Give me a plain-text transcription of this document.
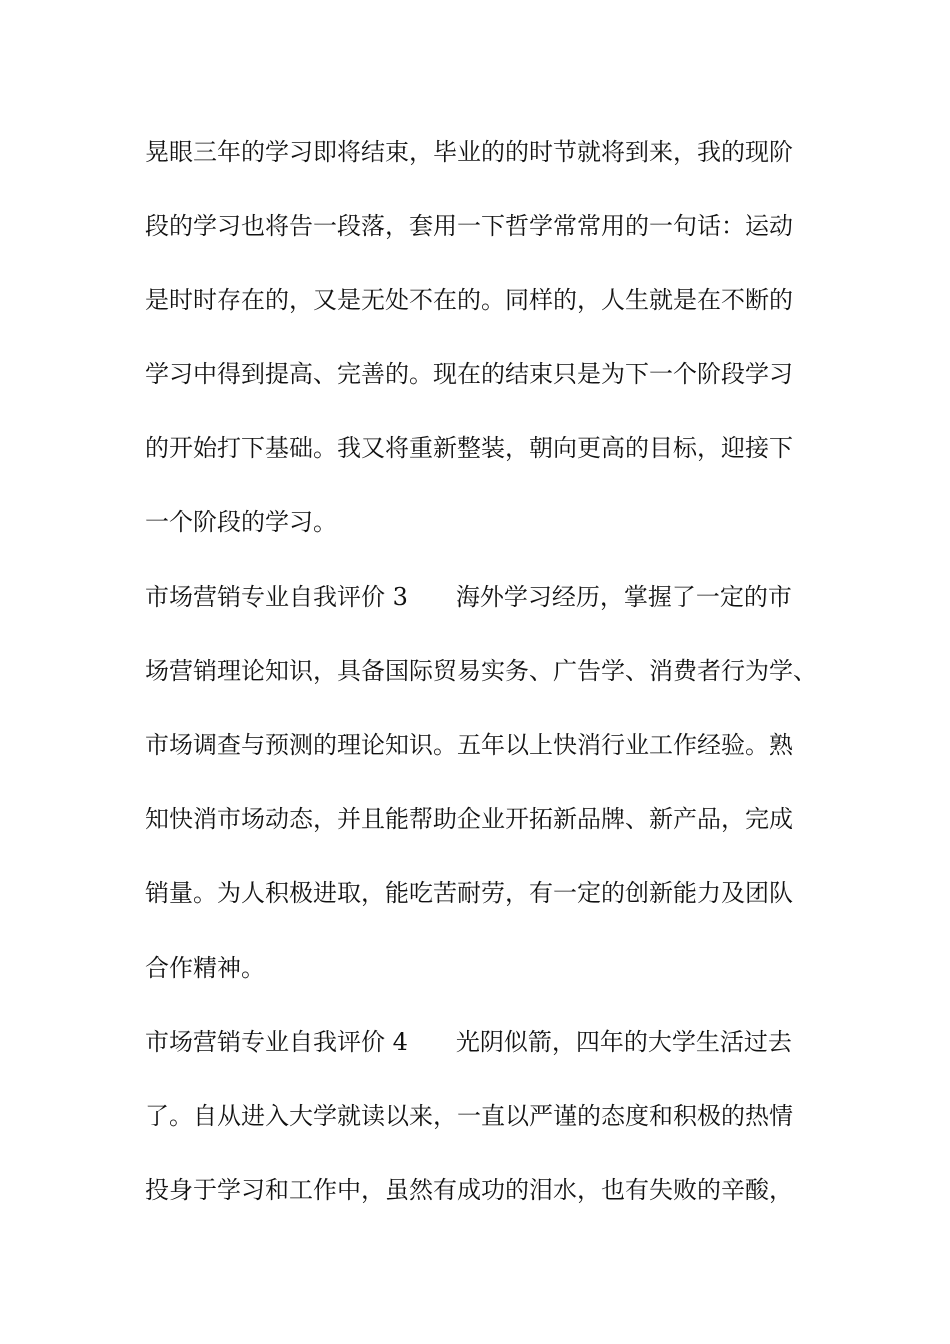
晃眼三年的学习即将结束，毕业的的时节就将到来，我的现阶
段的学习也将告一段落，套用一下哲学常常用的一句话：运动
是时时存在的，又是无处不在的。同样的，人生就是在不断的
学习中得到提高、完善的。现在的结束只是为下一个阶段学习
的开始打下基础。我又将重新整装，朝向更高的目标，迎接下
一个阶段的学习。
市场营销专业自我评价 3　　海外学习经历，掌握了一定的市
场营销理论知识，具备国际贸易实务、广告学、消费者行为学、
市场调查与预测的理论知识。五年以上快消行业工作经验。熟
知快消市场动态，并且能帮助企业开拓新品牌、新产品，完成
销量。为人积极进取，能吃苦耐劳，有一定的创新能力及团队
合作精神。
市场营销专业自我评价 4　　光阴似箭，四年的大学生活过去
了。自从进入大学就读以来，一直以严谨的态度和积极的热情
投身于学习和工作中，虽然有成功的泪水，也有失败的辛酸，
